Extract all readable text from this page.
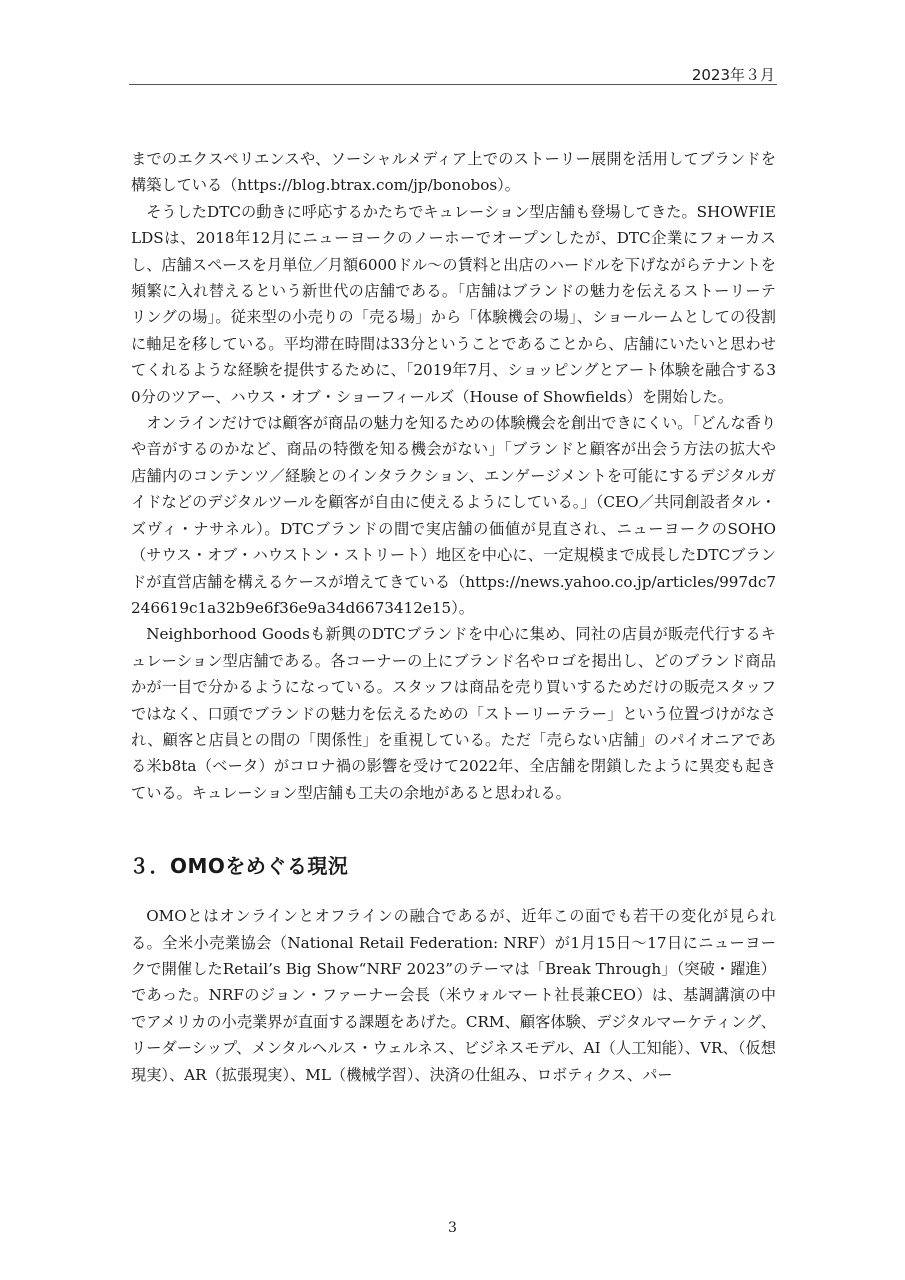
2023年３月

までのエクスペリエンスや、ソーシャルメディア上でのストーリー展開を活用してブランドを構築している（https://blog.btrax.com/jp/bonobos）。

そうしたDTCの動きに呼応するかたちでキュレーション型店舗も登場してきた。SHOWFIELDSは、2018年12月にニューヨークのノーホーでオープンしたが、DTC企業にフォーカスし、店舗スペースを月単位／月額6000ドル～の賃料と出店のハードルを下げながらテナントを頻繁に入れ替えるという新世代の店舗である。「店舗はブランドの魅力を伝えるストーリーテリングの場」。従来型の小売りの「売る場」から「体験機会の場」、ショールームとしての役割に軸足を移している。平均滞在時間は33分ということであることから、店舗にいたいと思わせてくれるような経験を提供するために、「2019年7月、ショッピングとアート体験を融合する30分のツアー、ハウス・オブ・ショーフィールズ（House of Showfields）を開始した。

オンラインだけでは顧客が商品の魅力を知るための体験機会を創出できにくい。「どんな香りや音がするのかなど、商品の特徴を知る機会がない」「ブランドと顧客が出会う方法の拡大や店舗内のコンテンツ／経験とのインタラクション、エンゲージメントを可能にするデジタルガイドなどのデジタルツールを顧客が自由に使えるようにしている。」（CEO／共同創設者タル・ズヴィ・ナサネル）。DTCブランドの間で実店舗の価値が見直され、ニューヨークのSOHO（サウス・オブ・ハウストン・ストリート）地区を中心に、一定規模まで成長したDTCブランドが直営店舗を構えるケースが増えてきている（https://news.yahoo.co.jp/articles/997dc7246619c1a32b9e6f36e9a34d6673412e15）。

Neighborhood Goodsも新興のDTCブランドを中心に集め、同社の店員が販売代行するキュレーション型店舗である。各コーナーの上にブランド名やロゴを掲出し、どのブランド商品かが一目で分かるようになっている。スタッフは商品を売り買いするためだけの販売スタッフではなく、口頭でブランドの魅力を伝えるための「ストーリーテラー」という位置づけがなされ、顧客と店員との間の「関係性」を重視している。ただ「売らない店舗」のパイオニアである米b8ta（ベータ）がコロナ禍の影響を受けて2022年、全店舗を閉鎖したように異変も起きている。キュレーション型店舗も工夫の余地があると思われる。

３．OMOをめぐる現況

OMOとはオンラインとオフラインの融合であるが、近年この面でも若干の変化が見られる。全米小売業協会（National Retail Federation: NRF）が1月15日～17日にニューヨークで開催したRetail’s Big Show“NRF 2023”のテーマは「Break Through」（突破・躍進）であった。NRFのジョン・ファーナー会長（米ウォルマート社長兼CEO）は、基調講演の中でアメリカの小売業界が直面する課題をあげた。CRM、顧客体験、デジタルマーケティング、リーダーシップ、メンタルヘルス・ウェルネス、ビジネスモデル、AI（人工知能）、VR、（仮想現実）、AR（拡張現実）、ML（機械学習）、決済の仕組み、ロボティクス、パー

3
